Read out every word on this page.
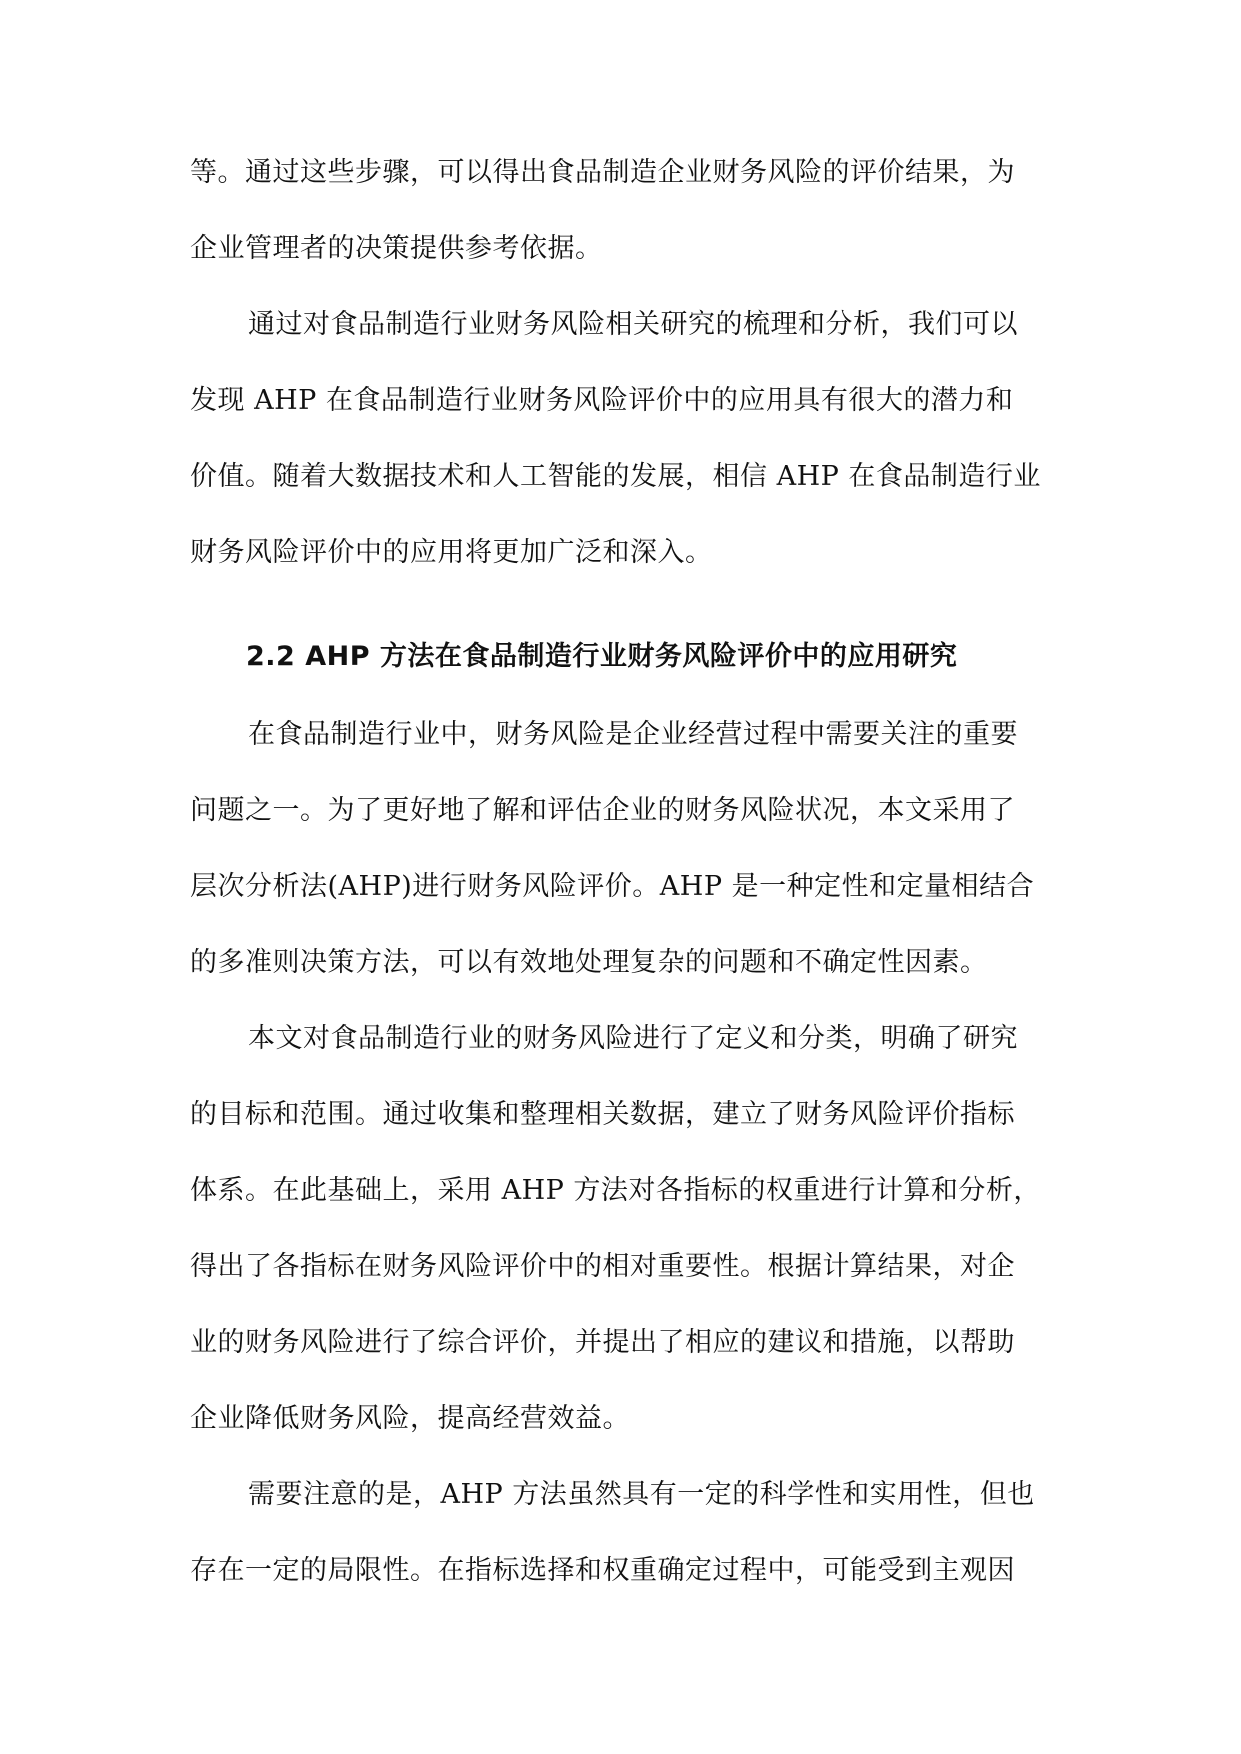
等。通过这些步骤，可以得出食品制造企业财务风险的评价结果，为
企业管理者的决策提供参考依据。
通过对食品制造行业财务风险相关研究的梳理和分析，我们可以
发现 AHP 在食品制造行业财务风险评价中的应用具有很大的潜力和
价值。随着大数据技术和人工智能的发展，相信 AHP 在食品制造行业
财务风险评价中的应用将更加广泛和深入。
2.2 AHP 方法在食品制造行业财务风险评价中的应用研究
在食品制造行业中，财务风险是企业经营过程中需要关注的重要
问题之一。为了更好地了解和评估企业的财务风险状况，本文采用了
层次分析法(AHP)进行财务风险评价。AHP 是一种定性和定量相结合
的多准则决策方法，可以有效地处理复杂的问题和不确定性因素。
本文对食品制造行业的财务风险进行了定义和分类，明确了研究
的目标和范围。通过收集和整理相关数据，建立了财务风险评价指标
体系。在此基础上，采用 AHP 方法对各指标的权重进行计算和分析，
得出了各指标在财务风险评价中的相对重要性。根据计算结果，对企
业的财务风险进行了综合评价，并提出了相应的建议和措施，以帮助
企业降低财务风险，提高经营效益。
需要注意的是，AHP 方法虽然具有一定的科学性和实用性，但也
存在一定的局限性。在指标选择和权重确定过程中，可能受到主观因
